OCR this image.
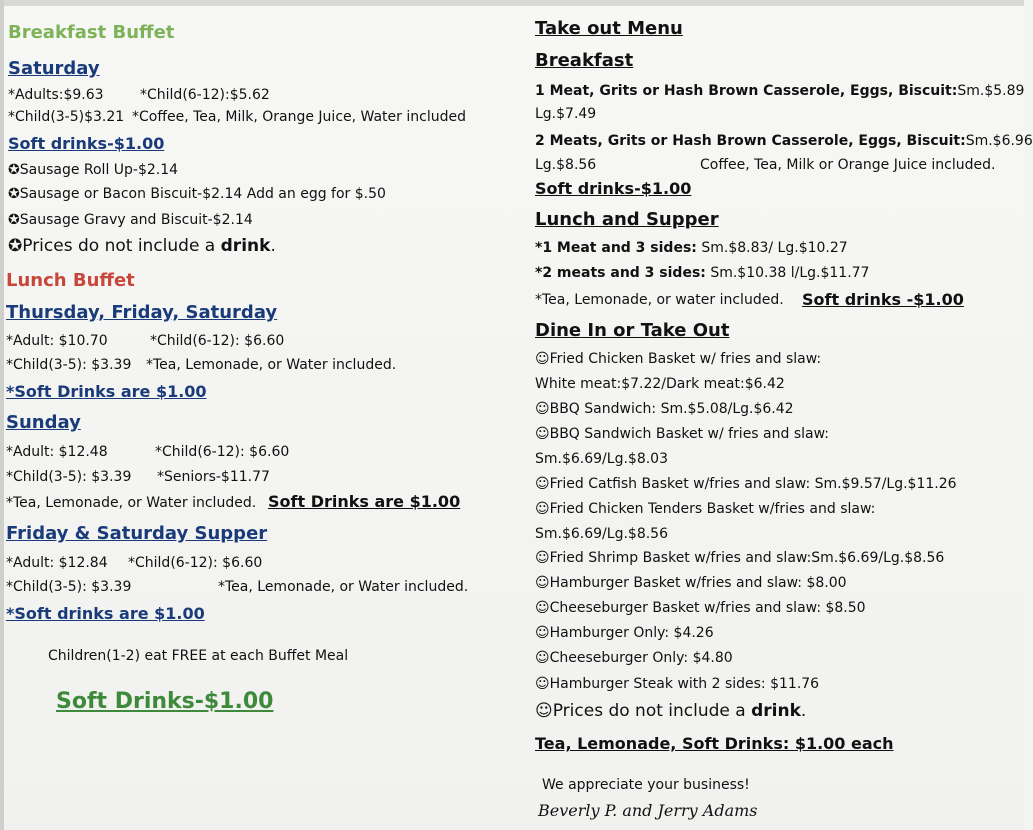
Breakfast Buffet
Saturday
*Adults:$9.63	*Child(6-12):$5.62
*Child(3-5)$3.21 *Coffee, Tea, Milk, Orange Juice, Water included
Soft drinks-$1.00
✪Sausage Roll Up-$2.14
✪Sausage or Bacon Biscuit-$2.14 Add an egg for $.50
✪Sausage Gravy and Biscuit-$2.14
✪Prices do not include a drink.
Lunch Buffet
Thursday, Friday, Saturday
*Adult: $10.70	*Child(6-12): $6.60
*Child(3-5): $3.39 *Tea, Lemonade, or Water included.
*Soft Drinks are $1.00
Sunday
*Adult: $12.48	*Child(6-12): $6.60
*Child(3-5): $3.39 *Seniors-$11.77
*Tea, Lemonade, or Water included. Soft Drinks are $1.00
Friday & Saturday Supper
*Adult: $12.84 *Child(6-12): $6.60
*Child(3-5): $3.39	*Tea, Lemonade, or Water included.
*Soft drinks are $1.00
Children(1-2) eat FREE at each Buffet Meal
Soft Drinks-$1.00
Take out Menu
Breakfast
1 Meat, Grits or Hash Brown Casserole, Eggs, Biscuit:Sm.$5.89
Lg.$7.49
2 Meats, Grits or Hash Brown Casserole, Eggs, Biscuit:Sm.$6.96
Lg.$8.56	Coffee, Tea, Milk or Orange Juice included.
Soft drinks-$1.00
Lunch and Supper
*1 Meat and 3 sides: Sm.$8.83/ Lg.$10.27
*2 meats and 3 sides: Sm.$10.38 l/Lg.$11.77
*Tea, Lemonade, or water included. Soft drinks -$1.00
Dine In or Take Out
☺Fried Chicken Basket w/ fries and slaw:
White meat:$7.22/Dark meat:$6.42
☺BBQ Sandwich: Sm.$5.08/Lg.$6.42
☺BBQ Sandwich Basket w/ fries and slaw:
Sm.$6.69/Lg.$8.03
☺Fried Catfish Basket w/fries and slaw: Sm.$9.57/Lg.$11.26
☺Fried Chicken Tenders Basket w/fries and slaw:
Sm.$6.69/Lg.$8.56
☺Fried Shrimp Basket w/fries and slaw:Sm.$6.69/Lg.$8.56
☺Hamburger Basket w/fries and slaw: $8.00
☺Cheeseburger Basket w/fries and slaw: $8.50
☺Hamburger Only: $4.26
☺Cheeseburger Only: $4.80
☺Hamburger Steak with 2 sides: $11.76
☺Prices do not include a drink.
Tea, Lemonade, Soft Drinks: $1.00 each
We appreciate your business!
Beverly P. and Jerry Adams
